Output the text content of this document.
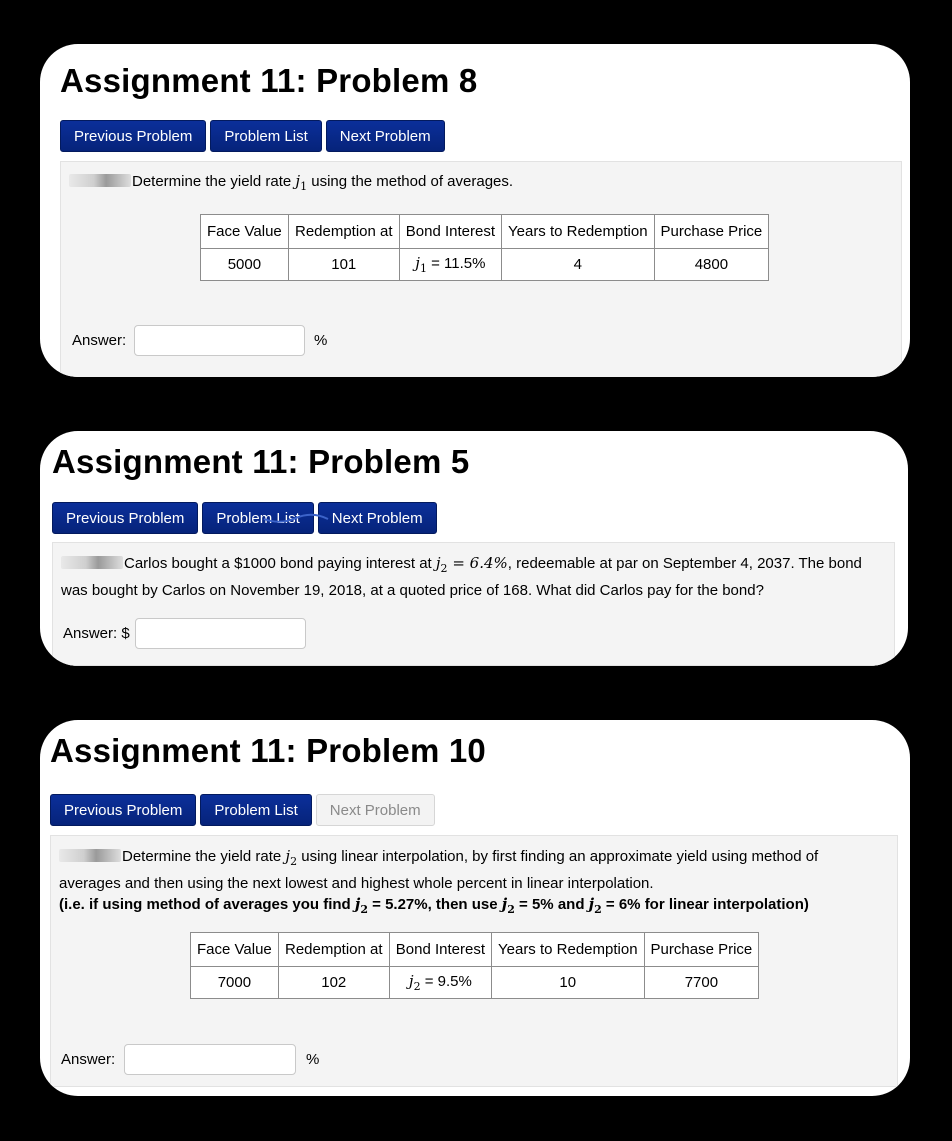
Assignment 11: Problem 8
Previous Problem	Problem List	Next Problem
Determine the yield rate $j_1$ using the method of averages.
Face Value	Redemption at	Bond Interest	Years to Redemption	Purchase Price
5000	101	$j_1 = 11.5\%$	4	4800
Answer:	%
Assignment 11: Problem 5
Previous Problem	Problem List	Next Problem
Carlos bought a $1000 bond paying interest at $j_2 = 6.4\%$, redeemable at par on September 4, 2037. The bond
was bought by Carlos on November 19, 2018, at a quoted price of 168. What did Carlos pay for the bond?
Answer: $
Assignment 11: Problem 10
Previous Problem	Problem List	Next Problem
Determine the yield rate $j_2$ using linear interpolation, by first finding an approximate yield using method of
averages and then using the next lowest and highest whole percent in linear interpolation.
(i.e. if using method of averages you find $j_2 = 5.27\%$, then use $j_2 = 5\%$ and $j_2 = 6\%$ for linear interpolation)
Face Value	Redemption at	Bond Interest	Years to Redemption	Purchase Price
7000	102	$j_2 = 9.5\%$	10	7700
Answer:	%
